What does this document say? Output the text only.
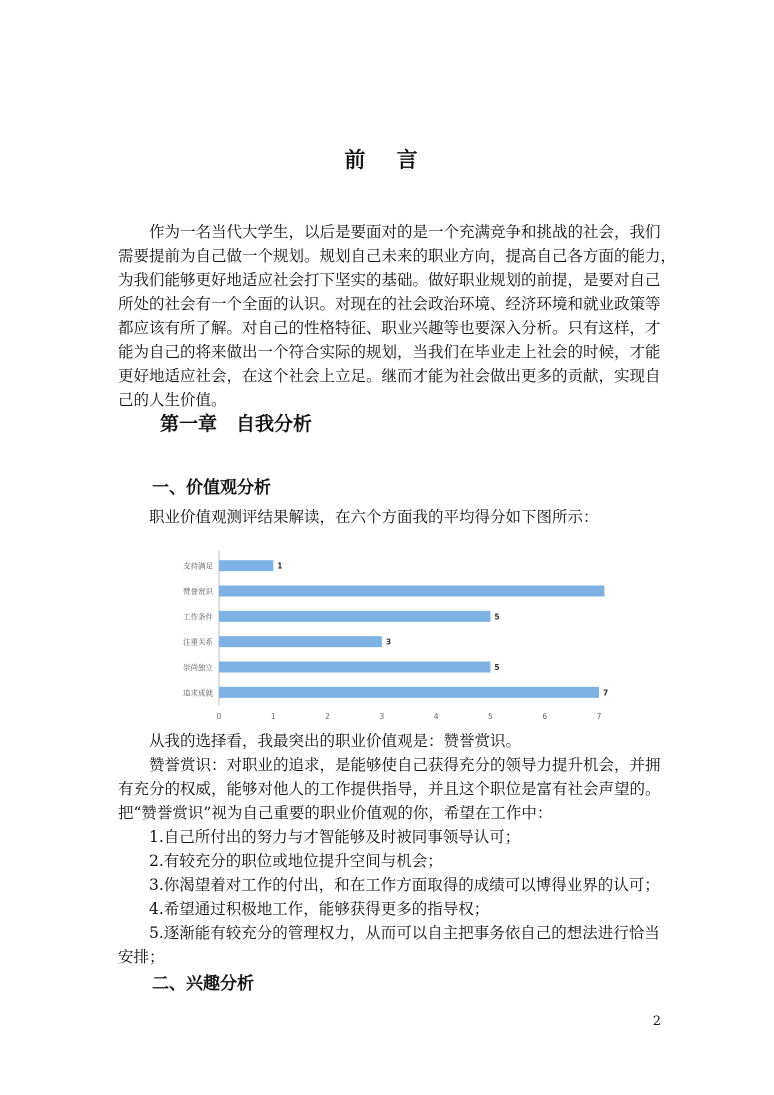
前 言

作为一名当代大学生，以后是要面对的是一个充满竞争和挑战的社会，我们
需要提前为自己做一个规划。规划自己未来的职业方向，提高自己各方面的能力，
为我们能够更好地适应社会打下坚实的基础。做好职业规划的前提，是要对自己
所处的社会有一个全面的认识。对现在的社会政治环境、经济环境和就业政策等
都应该有所了解。对自己的性格特征、职业兴趣等也要深入分析。只有这样，才
能为自己的将来做出一个符合实际的规划，当我们在毕业走上社会的时候，才能
更好地适应社会，在这个社会上立足。继而才能为社会做出更多的贡献，实现自
己的人生价值。

第一章　自我分析
一、价值观分析
职业价值观测评结果解读，在六个方面我的平均得分如下图所示：
支持满足	1
赞誉赏识
工作条件	5
注重关系	3
崇尚独立	5
追求成就	7
0	1	2	3	4	5	6	7
从我的选择看，我最突出的职业价值观是：赞誉赏识。
赞誉赏识：对职业的追求，是能够使自己获得充分的领导力提升机会，并拥
有充分的权威，能够对他人的工作提供指导，并且这个职位是富有社会声望的。
把“赞誉赏识”视为自己重要的职业价值观的你，希望在工作中：
1.自己所付出的努力与才智能够及时被同事领导认可；
2.有较充分的职位或地位提升空间与机会；
3.你渴望着对工作的付出，和在工作方面取得的成绩可以博得业界的认可；
4.希望通过积极地工作，能够获得更多的指导权；
5.逐渐能有较充分的管理权力，从而可以自主把事务依自己的想法进行恰当
安排；
二、兴趣分析
2
